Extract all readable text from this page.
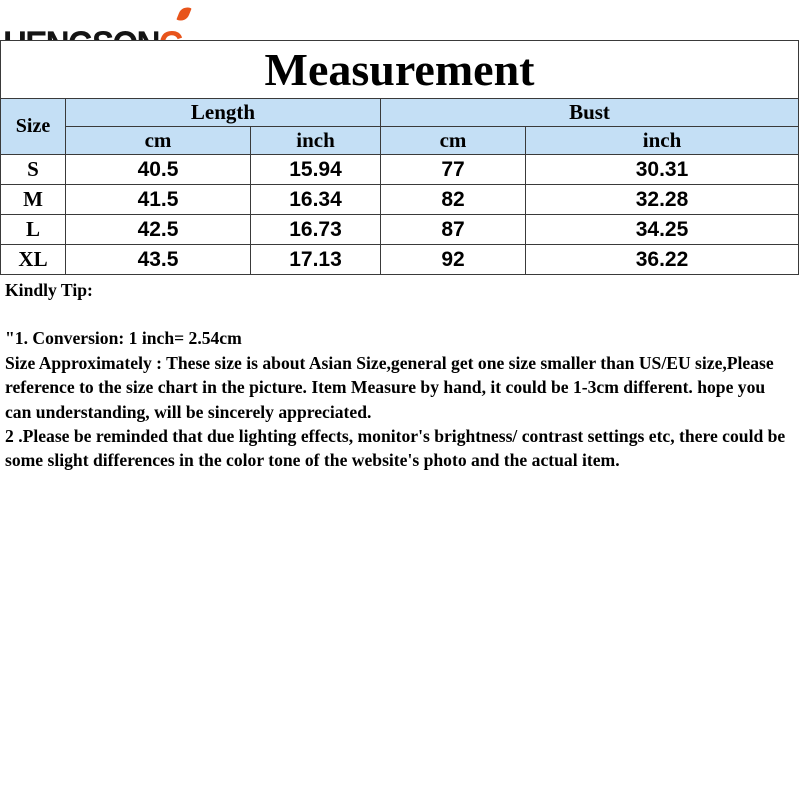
Measurement				
Size	Length		Bust	
	cm	inch	cm	inch
S	40.5	15.94	77	30.31
M	41.5	16.34	82	32.28
L	42.5	16.73	87	34.25
XL	43.5	17.13	92	36.22

Kindly Tip:

"1. Conversion: 1 inch= 2.54cm

Size Approximately : These size is about Asian Size,general get one size smaller than US/EU size,Please reference to the size chart in the picture. Item Measure by hand, it could be 1-3cm different. hope you can understanding, will be sincerely appreciated.

2 .Please be reminded that due lighting effects, monitor's brightness/ contrast settings etc, there could be some slight differences in the color tone of the website's photo and the actual item.
